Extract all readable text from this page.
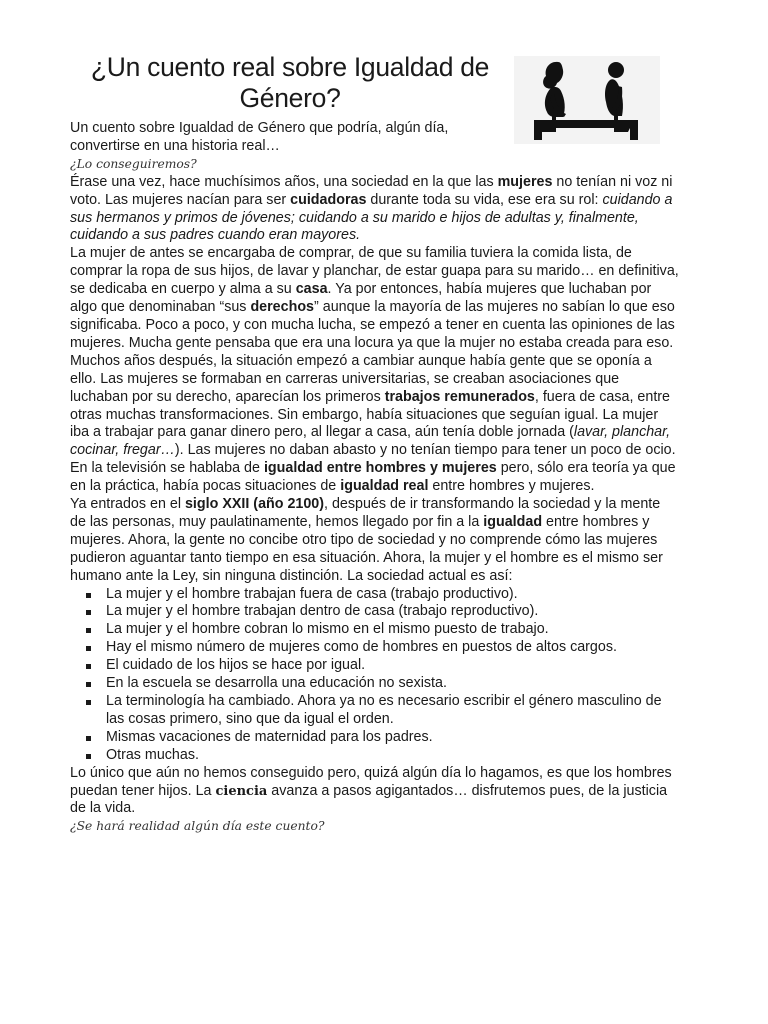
¿Un cuento real sobre Igualdad de Género?

Un cuento sobre Igualdad de Género que podría, algún día, convertirse en una historia real…

¿Lo conseguiremos?

Érase una vez, hace muchísimos años, una sociedad en la que las mujeres no tenían ni voz ni voto. Las mujeres nacían para ser cuidadoras durante toda su vida, ese era su rol: cuidando a sus hermanos y primos de jóvenes; cuidando a su marido e hijos de adultas y, finalmente, cuidando a sus padres cuando eran mayores.

La mujer de antes se encargaba de comprar, de que su familia tuviera la comida lista, de comprar la ropa de sus hijos, de lavar y planchar, de estar guapa para su marido… en definitiva, se dedicaba en cuerpo y alma a su casa. Ya por entonces, había mujeres que luchaban por algo que denominaban “sus derechos” aunque la mayoría de las mujeres no sabían lo que eso significaba. Poco a poco, y con mucha lucha, se empezó a tener en cuenta las opiniones de las mujeres. Mucha gente pensaba que era una locura ya que la mujer no estaba creada para eso.

Muchos años después, la situación empezó a cambiar aunque había gente que se oponía a ello. Las mujeres se formaban en carreras universitarias, se creaban asociaciones que luchaban por su derecho, aparecían los primeros trabajos remunerados, fuera de casa, entre otras muchas transformaciones. Sin embargo, había situaciones que seguían igual. La mujer iba a trabajar para ganar dinero pero, al llegar a casa, aún tenía doble jornada (lavar, planchar, cocinar, fregar…). Las mujeres no daban abasto y no tenían tiempo para tener un poco de ocio. En la televisión se hablaba de igualdad entre hombres y mujeres pero, sólo era teoría ya que en la práctica, había pocas situaciones de igualdad real entre hombres y mujeres.

Ya entrados en el siglo XXII (año 2100), después de ir transformando la sociedad y la mente de las personas, muy paulatinamente, hemos llegado por fin a la igualdad entre hombres y mujeres. Ahora, la gente no concibe otro tipo de sociedad y no comprende cómo las mujeres pudieron aguantar tanto tiempo en esa situación. Ahora, la mujer y el hombre es el mismo ser humano ante la Ley, sin ninguna distinción. La sociedad actual es así:

La mujer y el hombre trabajan fuera de casa (trabajo productivo).
La mujer y el hombre trabajan dentro de casa (trabajo reproductivo).
La mujer y el hombre cobran lo mismo en el mismo puesto de trabajo.
Hay el mismo número de mujeres como de hombres en puestos de altos cargos.
El cuidado de los hijos se hace por igual.
En la escuela se desarrolla una educación no sexista.
La terminología ha cambiado. Ahora ya no es necesario escribir el género masculino de las cosas primero, sino que da igual el orden.
Mismas vacaciones de maternidad para los padres.
Otras muchas.

Lo único que aún no hemos conseguido pero, quizá algún día lo hagamos, es que los hombres puedan tener hijos. La ciencia avanza a pasos agigantados… disfrutemos pues, de la justicia de la vida.

¿Se hará realidad algún día este cuento?
